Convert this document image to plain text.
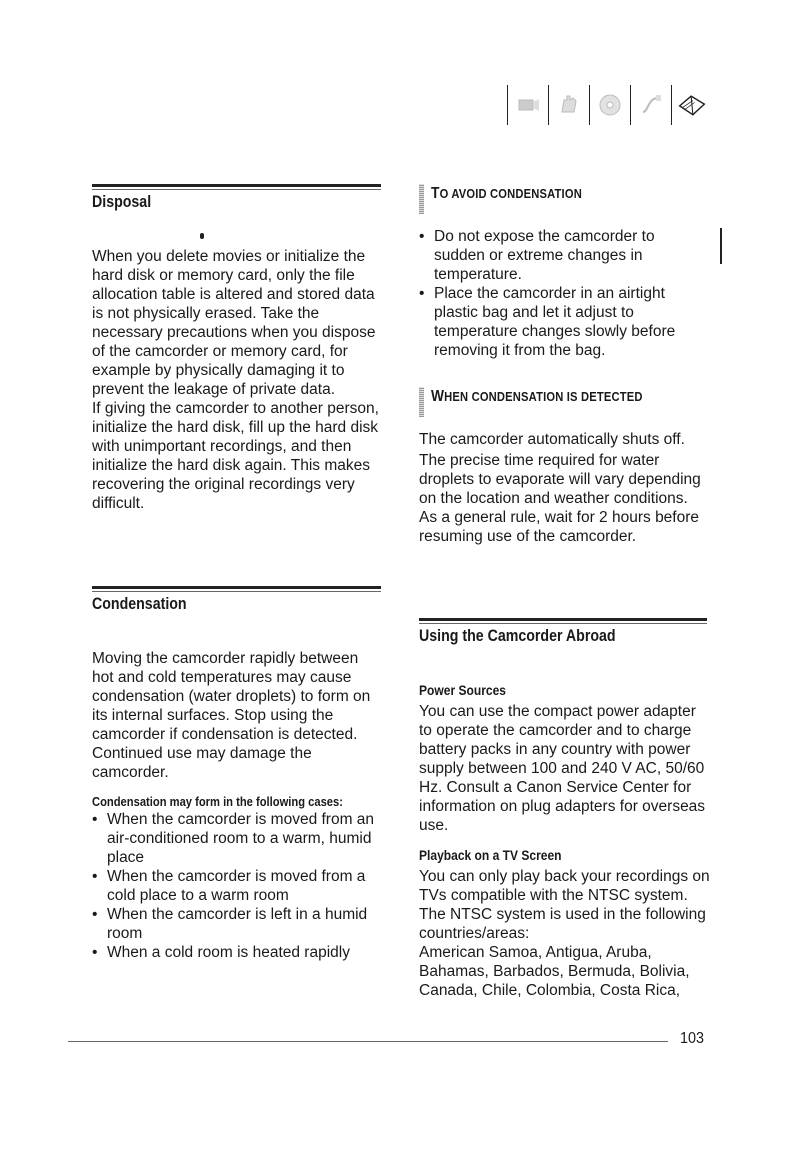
Disposal

When you delete movies or initialize the hard disk or memory card, only the file allocation table is altered and stored data is not physically erased. Take the necessary precautions when you dispose of the camcorder or memory card, for example by physically damaging it to prevent the leakage of private data.

If giving the camcorder to another person, initialize the hard disk, fill up the hard disk with unimportant recordings, and then initialize the hard disk again. This makes recovering the original recordings very difficult.

Condensation
Moving the camcorder rapidly between hot and cold temperatures may cause condensation (water droplets) to form on its internal surfaces. Stop using the camcorder if condensation is detected. Continued use may damage the camcorder.
Condensation may form in the following cases:
• When the camcorder is moved from an air-conditioned room to a warm, humid place
• When the camcorder is moved from a cold place to a warm room
• When the camcorder is left in a humid room
• When a cold room is heated rapidly
TO AVOID CONDENSATION
• Do not expose the camcorder to sudden or extreme changes in temperature.
• Place the camcorder in an airtight plastic bag and let it adjust to temperature changes slowly before removing it from the bag.
WHEN CONDENSATION IS DETECTED

The camcorder automatically shuts off.

The precise time required for water droplets to evaporate will vary depending on the location and weather conditions. As a general rule, wait for 2 hours before resuming use of the camcorder.

Using the Camcorder Abroad
Power Sources
You can use the compact power adapter to operate the camcorder and to charge battery packs in any country with power supply between 100 and 240 V AC, 50/60 Hz. Consult a Canon Service Center for information on plug adapters for overseas use.
Playback on a TV Screen

You can only play back your recordings on TVs compatible with the NTSC system. The NTSC system is used in the following countries/areas:

American Samoa, Antigua, Aruba, Bahamas, Barbados, Bermuda, Bolivia, Canada, Chile, Colombia, Costa Rica,

103
